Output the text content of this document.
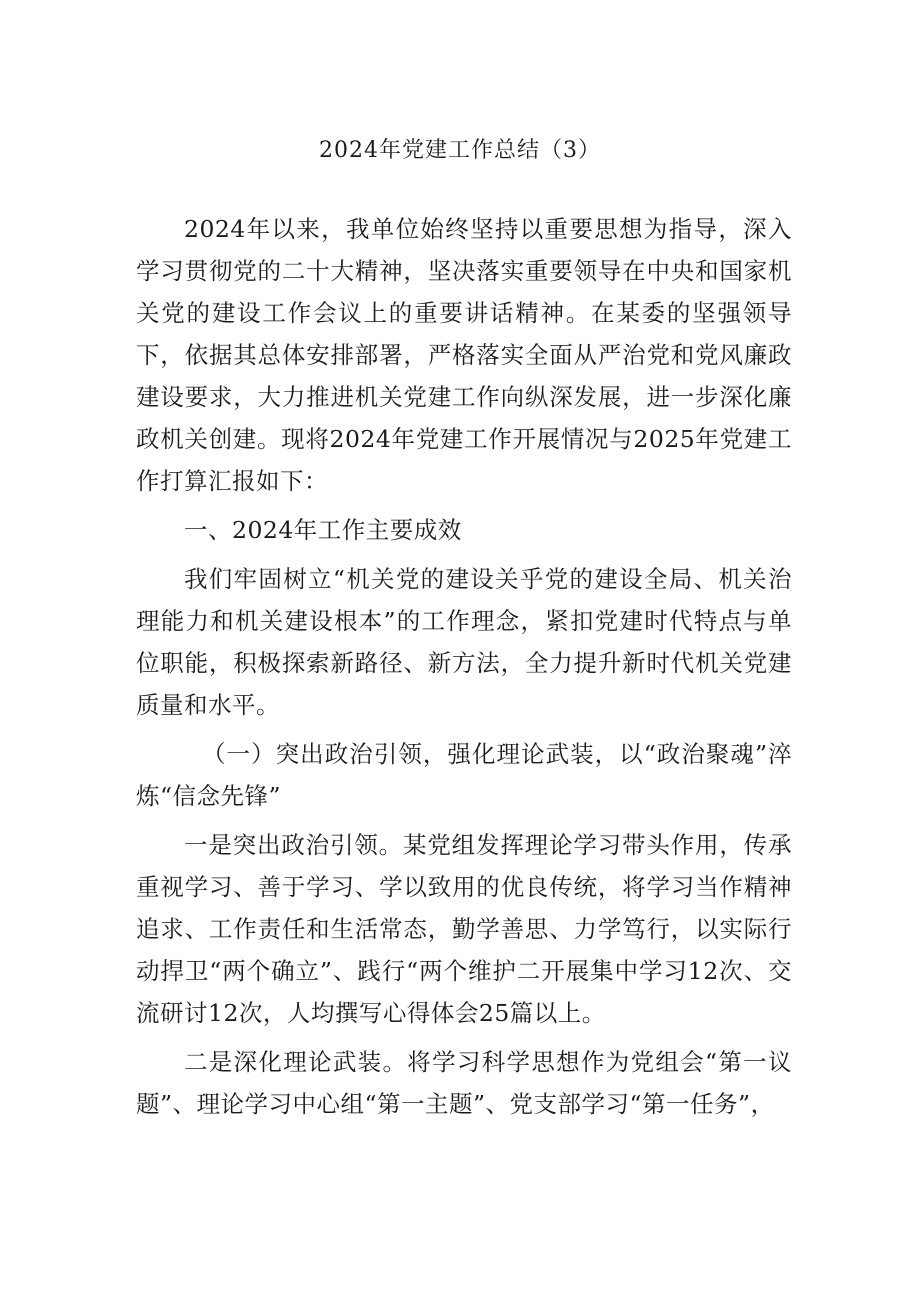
2024年党建工作总结（3）

2024年以来，我单位始终坚持以重要思想为指导，深入学习贯彻党的二十大精神，坚决落实重要领导在中央和国家机关党的建设工作会议上的重要讲话精神。在某委的坚强领导下，依据其总体安排部署，严格落实全面从严治党和党风廉政建设要求，大力推进机关党建工作向纵深发展，进一步深化廉政机关创建。现将2024年党建工作开展情况与2025年党建工作打算汇报如下：

一、2024年工作主要成效

我们牢固树立“机关党的建设关乎党的建设全局、机关治理能力和机关建设根本”的工作理念，紧扣党建时代特点与单位职能，积极探索新路径、新方法，全力提升新时代机关党建质量和水平。

（一）突出政治引领，强化理论武装，以“政治聚魂”淬炼“信念先锋”

一是突出政治引领。某党组发挥理论学习带头作用，传承重视学习、善于学习、学以致用的优良传统，将学习当作精神追求、工作责任和生活常态，勤学善思、力学笃行，以实际行动捍卫“两个确立”、践行“两个维护二开展集中学习12次、交流研讨12次，人均撰写心得体会25篇以上。

二是深化理论武装。将学习科学思想作为党组会“第一议题”、理论学习中心组“第一主题”、党支部学习“第一任务”，
